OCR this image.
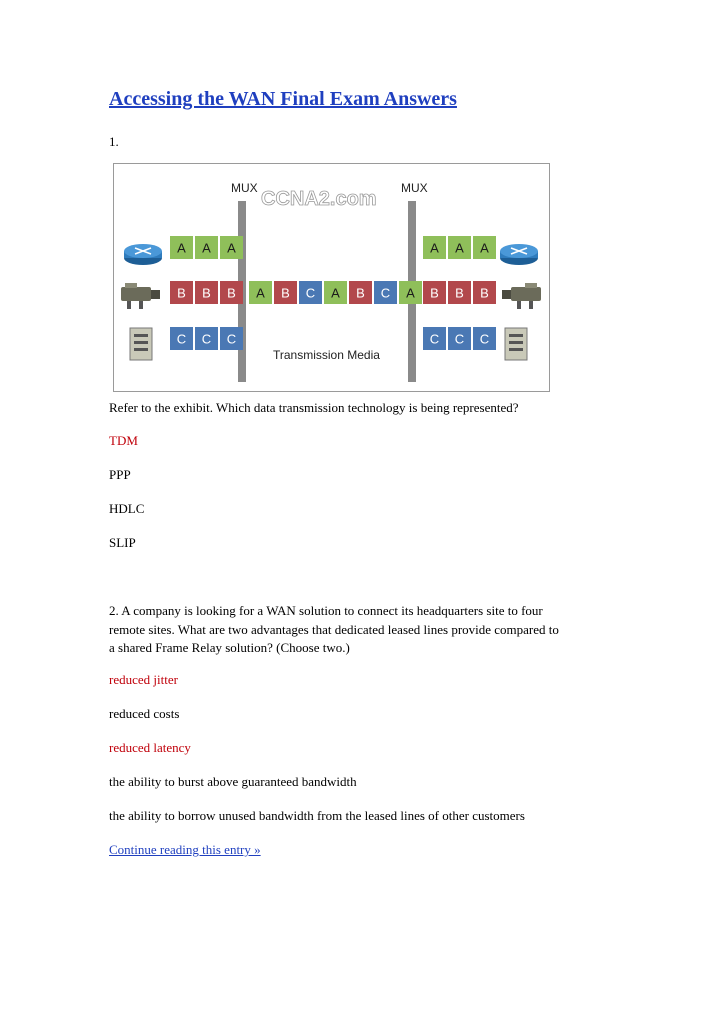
Accessing the WAN Final Exam Answers
1.
MUX	MUX
CCNA2.com
Transmission Media
A A A
B B B
C C C
A A A
B B B
C C C
A B C A B C A
Refer to the exhibit. Which data transmission technology is being represented?
TDM
PPP
HDLC
SLIP
2. A company is looking for a WAN solution to connect its headquarters site to four
remote sites. What are two advantages that dedicated leased lines provide compared to
a shared Frame Relay solution? (Choose two.)
reduced jitter
reduced costs
reduced latency
the ability to burst above guaranteed bandwidth
the ability to borrow unused bandwidth from the leased lines of other customers
Continue reading this entry »
